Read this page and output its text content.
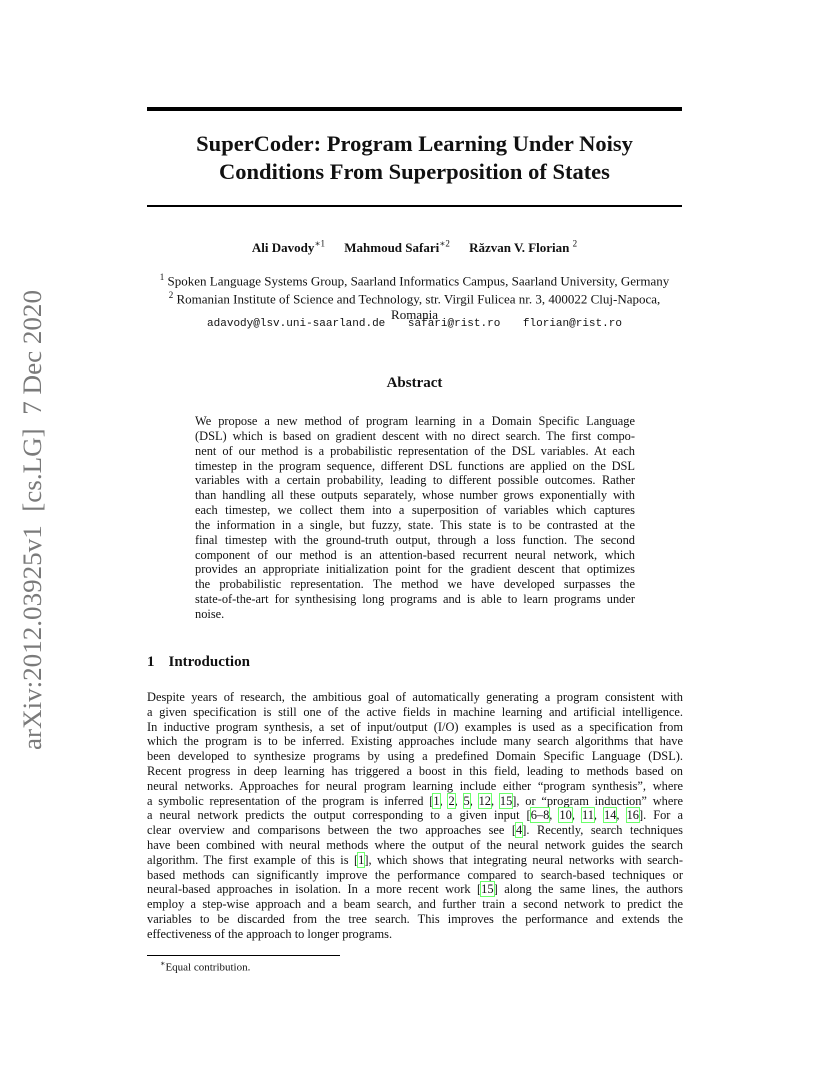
SuperCoder: Program Learning Under Noisy
Conditions From Superposition of States
Ali Davody$^{∗1}$ Mahmoud Safari$^{∗2}$ Răzvan V. Florian $^2$
$^1$ Spoken Language Systems Group, Saarland Informatics Campus, Saarland University, Germany
$^2$ Romanian Institute of Science and Technology, str. Virgil Fulicea nr. 3, 400022 Cluj-Napoca,
Romania
adavody@lsv.uni-saarland.de safari@rist.ro florian@rist.ro
Abstract
We propose a new method of program learning in a Domain Specific Language
(DSL) which is based on gradient descent with no direct search. The first compo-
nent of our method is a probabilistic representation of the DSL variables. At each
timestep in the program sequence, different DSL functions are applied on the DSL
variables with a certain probability, leading to different possible outcomes. Rather
than handling all these outputs separately, whose number grows exponentially with
each timestep, we collect them into a superposition of variables which captures
the information in a single, but fuzzy, state. This state is to be contrasted at the
final timestep with the ground-truth output, through a loss function. The second
component of our method is an attention-based recurrent neural network, which
provides an appropriate initialization point for the gradient descent that optimizes
the probabilistic representation. The method we have developed surpasses the
state-of-the-art for synthesising long programs and is able to learn programs under
noise.
1 Introduction
Despite years of research, the ambitious goal of automatically generating a program consistent with
a given specification is still one of the active fields in machine learning and artificial intelligence.
In inductive program synthesis, a set of input/output (I/O) examples is used as a specification from
which the program is to be inferred. Existing approaches include many search algorithms that have
been developed to synthesize programs by using a predefined Domain Specific Language (DSL).
Recent progress in deep learning has triggered a boost in this field, leading to methods based on
neural networks. Approaches for neural program learning include either “program synthesis”, where
a symbolic representation of the program is inferred [1, 2, 5, 12, 15], or “program induction” where
a neural network predicts the output corresponding to a given input [6–8, 10, 11, 14, 16]. For a
clear overview and comparisons between the two approaches see [4]. Recently, search techniques
have been combined with neural methods where the output of the neural network guides the search
algorithm. The first example of this is [1], which shows that integrating neural networks with search-
based methods can significantly improve the performance compared to search-based techniques or
neural-based approaches in isolation. In a more recent work [15] along the same lines, the authors
employ a step-wise approach and a beam search, and further train a second network to predict the
variables to be discarded from the tree search. This improves the performance and extends the
effectiveness of the approach to longer programs.
∗Equal contribution.
arXiv:2012.03925v1  [cs.LG]  7 Dec 2020
